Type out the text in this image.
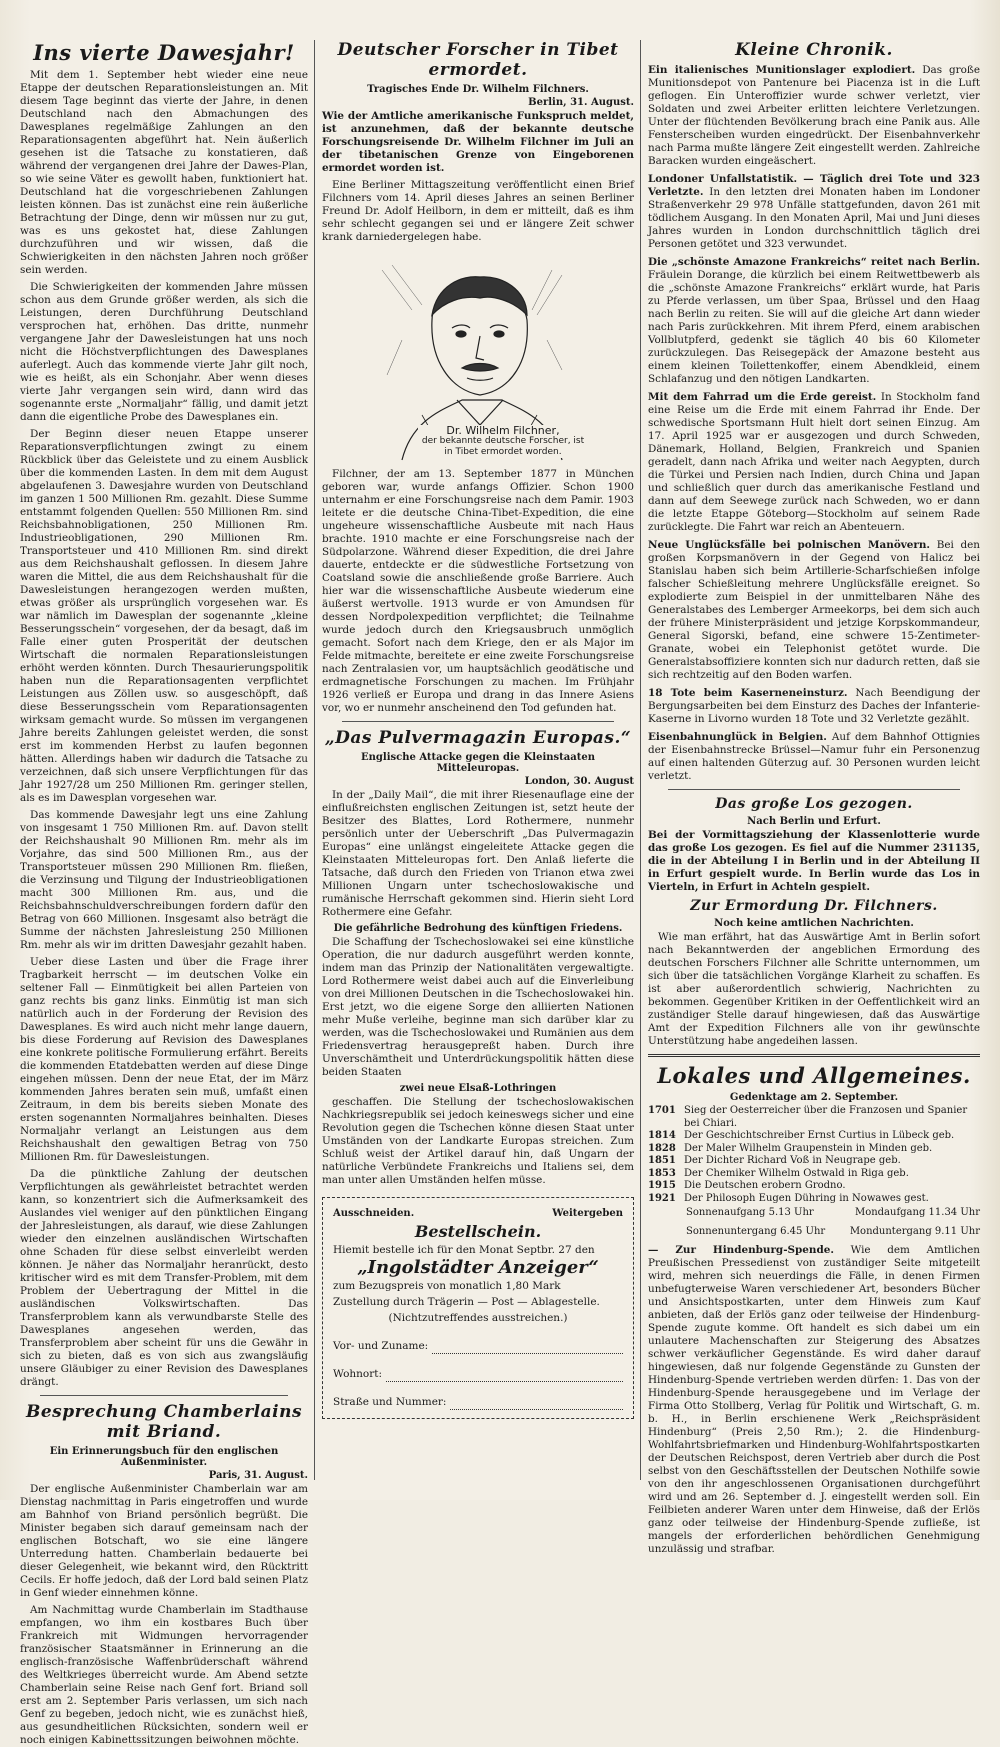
Ins vierte Dawesjahr!

Mit dem 1. September hebt wieder eine neue Etappe der deutschen Reparationsleistungen an. Mit diesem Tage beginnt das vierte der Jahre, in denen Deutschland nach den Abmachungen des Dawesplanes regelmäßige Zahlungen an den Reparationsagenten abgeführt hat. Nein äußerlich gesehen ist die Tatsache zu konstatieren, daß während der vergangenen drei Jahre der Dawes-Plan, so wie seine Väter es gewollt haben, funktioniert hat. Deutschland hat die vorgeschriebenen Zahlungen leisten können. Das ist zunächst eine rein äußerliche Betrachtung der Dinge, denn wir müssen nur zu gut, was es uns gekostet hat, diese Zahlungen durchzuführen und wir wissen, daß die Schwierigkeiten in den nächsten Jahren noch größer sein werden.

Die Schwierigkeiten der kommenden Jahre müssen schon aus dem Grunde größer werden, als sich die Leistungen, deren Durchführung Deutschland versprochen hat, erhöhen. Das dritte, nunmehr vergangene Jahr der Dawesleistungen hat uns noch nicht die Höchstverpflichtungen des Dawesplanes auferlegt. Auch das kommende vierte Jahr gilt noch, wie es heißt, als ein Schonjahr. Aber wenn dieses vierte Jahr vergangen sein wird, dann wird das sogenannte erste „Normaljahr“ fällig, und damit jetzt dann die eigentliche Probe des Dawesplanes ein.

Der Beginn dieser neuen Etappe unserer Reparationsverpflichtungen zwingt zu einem Rückblick über das Geleistete und zu einem Ausblick über die kommenden Lasten. In dem mit dem August abgelaufenen 3. Dawesjahre wurden von Deutschland im ganzen 1 500 Millionen Rm. gezahlt. Diese Summe entstammt folgenden Quellen: 550 Millionen Rm. sind Reichsbahnobligationen, 250 Millionen Rm. Industrieobligationen, 290 Millionen Rm. Transportsteuer und 410 Millionen Rm. sind direkt aus dem Reichshaushalt geflossen. In diesem Jahre waren die Mittel, die aus dem Reichshaushalt für die Dawesleistungen herangezogen werden mußten, etwas größer als ursprünglich vorgesehen war. Es war nämlich im Dawesplan der sogenannte „kleine Besserungsschein“ vorgesehen, der da besagt, daß im Falle einer guten Prosperität der deutschen Wirtschaft die normalen Reparationsleistungen erhöht werden könnten. Durch Thesaurierungspolitik haben nun die Reparationsagenten verpflichtet Leistungen aus Zöllen usw. so ausgeschöpft, daß diese Besserungsschein vom Reparationsagenten wirksam gemacht wurde. So müssen im vergangenen Jahre bereits Zahlungen geleistet werden, die sonst erst im kommenden Herbst zu laufen begonnen hätten. Allerdings haben wir dadurch die Tatsache zu verzeichnen, daß sich unsere Verpflichtungen für das Jahr 1927/28 um 250 Millionen Rm. geringer stellen, als es im Dawesplan vorgesehen war.

Das kommende Dawesjahr legt uns eine Zahlung von insgesamt 1 750 Millionen Rm. auf. Davon stellt der Reichshaushalt 90 Millionen Rm. mehr als im Vorjahre, das sind 500 Millionen Rm., aus der Transportsteuer müssen 290 Millionen Rm. fließen, die Verzinsung und Tilgung der Industrieobligationen macht 300 Millionen Rm. aus, und die Reichsbahnschuldverschreibungen fordern dafür den Betrag von 660 Millionen. Insgesamt also beträgt die Summe der nächsten Jahresleistung 250 Millionen Rm. mehr als wir im dritten Dawesjahr gezahlt haben.

Ueber diese Lasten und über die Frage ihrer Tragbarkeit herrscht — im deutschen Volke ein seltener Fall — Einmütigkeit bei allen Parteien von ganz rechts bis ganz links. Einmütig ist man sich natürlich auch in der Forderung der Revision des Dawesplanes. Es wird auch nicht mehr lange dauern, bis diese Forderung auf Revision des Dawesplanes eine konkrete politische Formulierung erfährt. Bereits die kommenden Etatdebatten werden auf diese Dinge eingehen müssen. Denn der neue Etat, der im März kommenden Jahres beraten sein muß, umfaßt einen Zeitraum, in dem bis bereits sieben Monate des ersten sogenannten Normaljahres beinhalten. Dieses Normaljahr verlangt an Leistungen aus dem Reichshaushalt den gewaltigen Betrag von 750 Millionen Rm. für Dawesleistungen.

Da die pünktliche Zahlung der deutschen Verpflichtungen als gewährleistet betrachtet werden kann, so konzentriert sich die Aufmerksamkeit des Auslandes viel weniger auf den pünktlichen Eingang der Jahresleistungen, als darauf, wie diese Zahlungen wieder den einzelnen ausländischen Wirtschaften ohne Schaden für diese selbst einverleibt werden können. Je näher das Normaljahr heranrückt, desto kritischer wird es mit dem Transfer-Problem, mit dem Problem der Uebertragung der Mittel in die ausländischen Volkswirtschaften. Das Transferproblem kann als verwundbarste Stelle des Dawesplanes angesehen werden, das Transferproblem aber scheint für uns die Gewähr in sich zu bieten, daß es von sich aus zwangsläufig unsere Gläubiger zu einer Revision des Dawesplanes drängt.

Besprechung Chamberlains mit Briand.
Ein Erinnerungsbuch für den englischen Außenminister.
Paris, 31. August.

Der englische Außenminister Chamberlain war am Dienstag nachmittag in Paris eingetroffen und wurde am Bahnhof von Briand persönlich begrüßt. Die Minister begaben sich darauf gemeinsam nach der englischen Botschaft, wo sie eine längere Unterredung hatten. Chamberlain bedauerte bei dieser Gelegenheit, wie bekannt wird, den Rücktritt Cecils. Er hoffe jedoch, daß der Lord bald seinen Platz in Genf wieder einnehmen könne.

Am Nachmittag wurde Chamberlain im Stadthause empfangen, wo ihm ein kostbares Buch über Frankreich mit Widmungen hervorragender französischer Staatsmänner in Erinnerung an die englisch-französische Waffenbrüderschaft während des Weltkrieges überreicht wurde. Am Abend setzte Chamberlain seine Reise nach Genf fort. Briand soll erst am 2. September Paris verlassen, um sich nach Genf zu begeben, jedoch nicht, wie es zunächst hieß, aus gesundheitlichen Rücksichten, sondern weil er noch einigen Kabinettssitzungen beiwohnen möchte.

Deutscher Forscher in Tibet ermordet.
Tragisches Ende Dr. Wilhelm Filchners.
Berlin, 31. August.

Wie der Amtliche amerikanische Funkspruch meldet, ist anzunehmen, daß der bekannte deutsche Forschungsreisende Dr. Wilhelm Filchner im Juli an der tibetanischen Grenze von Eingeborenen ermordet worden ist.

Eine Berliner Mittagszeitung veröffentlicht einen Brief Filchners vom 14. April dieses Jahres an seinen Berliner Freund Dr. Adolf Heilborn, in dem er mitteilt, daß es ihm sehr schlecht gegangen sei und er längere Zeit schwer krank darniedergelegen habe.

Dr. Wilhelm Filchner,
der bekannte deutsche Forscher, ist in Tibet ermordet worden.

Filchner, der am 13. September 1877 in München geboren war, wurde anfangs Offizier. Schon 1900 unternahm er eine Forschungsreise nach dem Pamir. 1903 leitete er die deutsche China-Tibet-Expedition, die eine ungeheure wissenschaftliche Ausbeute mit nach Haus brachte. 1910 machte er eine Forschungsreise nach der Südpolarzone. Während dieser Expedition, die drei Jahre dauerte, entdeckte er die südwestliche Fortsetzung von Coatsland sowie die anschließende große Barriere. Auch hier war die wissenschaftliche Ausbeute wiederum eine äußerst wertvolle. 1913 wurde er von Amundsen für dessen Nordpolexpedition verpflichtet; die Teilnahme wurde jedoch durch den Kriegsausbruch unmöglich gemacht. Sofort nach dem Kriege, den er als Major im Felde mitmachte, bereitete er eine zweite Forschungsreise nach Zentralasien vor, um hauptsächlich geodätische und erdmagnetische Forschungen zu machen. Im Frühjahr 1926 verließ er Europa und drang in das Innere Asiens vor, wo er nunmehr anscheinend den Tod gefunden hat.

„Das Pulvermagazin Europas.“
Englische Attacke gegen die Kleinstaaten Mitteleuropas.
London, 30. August

In der „Daily Mail“, die mit ihrer Riesenauflage eine der einflußreichsten englischen Zeitungen ist, setzt heute der Besitzer des Blattes, Lord Rothermere, nunmehr persönlich unter der Ueberschrift „Das Pulvermagazin Europas“ eine unlängst eingeleitete Attacke gegen die Kleinstaaten Mitteleuropas fort. Den Anlaß lieferte die Tatsache, daß durch den Frieden von Trianon etwa zwei Millionen Ungarn unter tschechoslowakische und rumänische Herrschaft gekommen sind. Hierin sieht Lord Rothermere eine Gefahr.

Die gefährliche Bedrohung des künftigen Friedens.

Die Schaffung der Tschechoslowakei sei eine künstliche Operation, die nur dadurch ausgeführt werden konnte, indem man das Prinzip der Nationalitäten vergewaltigte. Lord Rothermere weist dabei auch auf die Einverleibung von drei Millionen Deutschen in die Tschechoslowakei hin. Erst jetzt, wo die eigene Sorge den alliierten Nationen mehr Muße verleihe, beginne man sich darüber klar zu werden, was die Tschechoslowakei und Rumänien aus dem Friedensvertrag herausgepreßt haben. Durch ihre Unverschämtheit und Unterdrückungspolitik hätten diese beiden Staaten

zwei neue Elsaß-Lothringen

geschaffen. Die Stellung der tschechoslowakischen Nachkriegsrepublik sei jedoch keineswegs sicher und eine Revolution gegen die Tschechen könne diesen Staat unter Umständen von der Landkarte Europas streichen. Zum Schluß weist der Artikel darauf hin, daß Ungarn der natürliche Verbündete Frankreichs und Italiens sei, dem man unter allen Umständen helfen müsse.

Ausschneiden.	Weitergeben
Bestellschein.
Hiemit bestelle ich für den Monat Septbr. 27 den
„Ingolstädter Anzeiger“
zum Bezugspreis von monatlich 1,80 Mark
Zustellung durch Trägerin — Post — Ablagestelle.
(Nichtzutreffendes ausstreichen.)
Vor- und Zuname:
Wohnort:
Straße und Nummer:
Kleine Chronik.

Ein italienisches Munitionslager explodiert. Das große Munitionsdepot von Pantenure bei Piacenza ist in die Luft geflogen. Ein Unteroffizier wurde schwer verletzt, vier Soldaten und zwei Arbeiter erlitten leichtere Verletzungen. Unter der flüchtenden Bevölkerung brach eine Panik aus. Alle Fensterscheiben wurden eingedrückt. Der Eisenbahnverkehr nach Parma mußte längere Zeit eingestellt werden. Zahlreiche Baracken wurden eingeäschert.

Londoner Unfallstatistik. — Täglich drei Tote und 323 Verletzte. In den letzten drei Monaten haben im Londoner Straßenverkehr 29 978 Unfälle stattgefunden, davon 261 mit tödlichem Ausgang. In den Monaten April, Mai und Juni dieses Jahres wurden in London durchschnittlich täglich drei Personen getötet und 323 verwundet.

Die „schönste Amazone Frankreichs“ reitet nach Berlin. Fräulein Dorange, die kürzlich bei einem Reitwettbewerb als die „schönste Amazone Frankreichs“ erklärt wurde, hat Paris zu Pferde verlassen, um über Spaa, Brüssel und den Haag nach Berlin zu reiten. Sie will auf die gleiche Art dann wieder nach Paris zurückkehren. Mit ihrem Pferd, einem arabischen Vollblutpferd, gedenkt sie täglich 40 bis 60 Kilometer zurückzulegen. Das Reisegepäck der Amazone besteht aus einem kleinen Toilettenkoffer, einem Abendkleid, einem Schlafanzug und den nötigen Landkarten.

Mit dem Fahrrad um die Erde gereist. In Stockholm fand eine Reise um die Erde mit einem Fahrrad ihr Ende. Der schwedische Sportsmann Hult hielt dort seinen Einzug. Am 17. April 1925 war er ausgezogen und durch Schweden, Dänemark, Holland, Belgien, Frankreich und Spanien geradelt, dann nach Afrika und weiter nach Aegypten, durch die Türkei und Persien nach Indien, durch China und Japan und schließlich quer durch das amerikanische Festland und dann auf dem Seewege zurück nach Schweden, wo er dann die letzte Etappe Göteborg—Stockholm auf seinem Rade zurücklegte. Die Fahrt war reich an Abenteuern.

Neue Unglücksfälle bei polnischen Manövern. Bei den großen Korpsmanövern in der Gegend von Halicz bei Stanislau haben sich beim Artillerie-Scharfschießen infolge falscher Schießleitung mehrere Unglücksfälle ereignet. So explodierte zum Beispiel in der unmittelbaren Nähe des Generalstabes des Lemberger Armeekorps, bei dem sich auch der frühere Ministerpräsident und jetzige Korpskommandeur, General Sigorski, befand, eine schwere 15-Zentimeter-Granate, wobei ein Telephonist getötet wurde. Die Generalstabsoffiziere konnten sich nur dadurch retten, daß sie sich rechtzeitig auf den Boden warfen.

18 Tote beim Kaserneneinsturz. Nach Beendigung der Bergungsarbeiten bei dem Einsturz des Daches der Infanterie-Kaserne in Livorno wurden 18 Tote und 32 Verletzte gezählt.

Eisenbahnunglück in Belgien. Auf dem Bahnhof Ottignies der Eisenbahnstrecke Brüssel—Namur fuhr ein Personenzug auf einen haltenden Güterzug auf. 30 Personen wurden leicht verletzt.

Das große Los gezogen.
Nach Berlin und Erfurt.

Bei der Vormittagsziehung der Klassenlotterie wurde das große Los gezogen. Es fiel auf die Nummer 231135, die in der Abteilung I in Berlin und in der Abteilung II in Erfurt gespielt wurde. In Berlin wurde das Los in Vierteln, in Erfurt in Achteln gespielt.

Zur Ermordung Dr. Filchners.
Noch keine amtlichen Nachrichten.

Wie man erfährt, hat das Auswärtige Amt in Berlin sofort nach Bekanntwerden der angeblichen Ermordung des deutschen Forschers Filchner alle Schritte unternommen, um sich über die tatsächlichen Vorgänge Klarheit zu schaffen. Es ist aber außerordentlich schwierig, Nachrichten zu bekommen. Gegenüber Kritiken in der Oeffentlichkeit wird an zuständiger Stelle darauf hingewiesen, daß das Auswärtige Amt der Expedition Filchners alle von ihr gewünschte Unterstützung habe angedeihen lassen.

Lokales und Allgemeines.
Gedenktage am 2. September.
1701 Sieg der Oesterreicher über die Franzosen und Spanier bei Chiari.
1814 Der Geschichtschreiber Ernst Curtius in Lübeck geb.
1828 Der Maler Wilhelm Graupenstein in Minden geb.
1851 Der Dichter Richard Voß in Neugrape geb.
1853 Der Chemiker Wilhelm Ostwald in Riga geb.
1915 Die Deutschen erobern Grodno.
1921 Der Philosoph Eugen Dühring in Nowawes gest.
Sonnenaufgang 5.13 Uhr	Mondaufgang 11.34 Uhr
Sonnenuntergang 6.45 Uhr Monduntergang 9.11 Uhr

— Zur Hindenburg-Spende. Wie dem Amtlichen Preußischen Pressedienst von zuständiger Seite mitgeteilt wird, mehren sich neuerdings die Fälle, in denen Firmen unbefugterweise Waren verschiedener Art, besonders Bücher und Ansichtspostkarten, unter dem Hinweis zum Kauf anbieten, daß der Erlös ganz oder teilweise der Hindenburg-Spende zugute komme. Oft handelt es sich dabei um ein unlautere Machenschaften zur Steigerung des Absatzes schwer verkäuflicher Gegenstände. Es wird daher darauf hingewiesen, daß nur folgende Gegenstände zu Gunsten der Hindenburg-Spende vertrieben werden dürfen: 1. Das von der Hindenburg-Spende herausgegebene und im Verlage der Firma Otto Stollberg, Verlag für Politik und Wirtschaft, G. m. b. H., in Berlin erschienene Werk „Reichspräsident Hindenburg“ (Preis 2,50 Rm.); 2. die Hindenburg-Wohlfahrtsbriefmarken und Hindenburg-Wohlfahrtspostkarten der Deutschen Reichspost, deren Vertrieb aber durch die Post selbst von den Geschäftsstellen der Deutschen Nothilfe sowie von den ihr angeschlossenen Organisationen durchgeführt wird und am 26. September d. J. eingestellt werden soll. Ein Feilbieten anderer Waren unter dem Hinweise, daß der Erlös ganz oder teilweise der Hindenburg-Spende zufließe, ist mangels der erforderlichen behördlichen Genehmigung unzulässig und strafbar.
